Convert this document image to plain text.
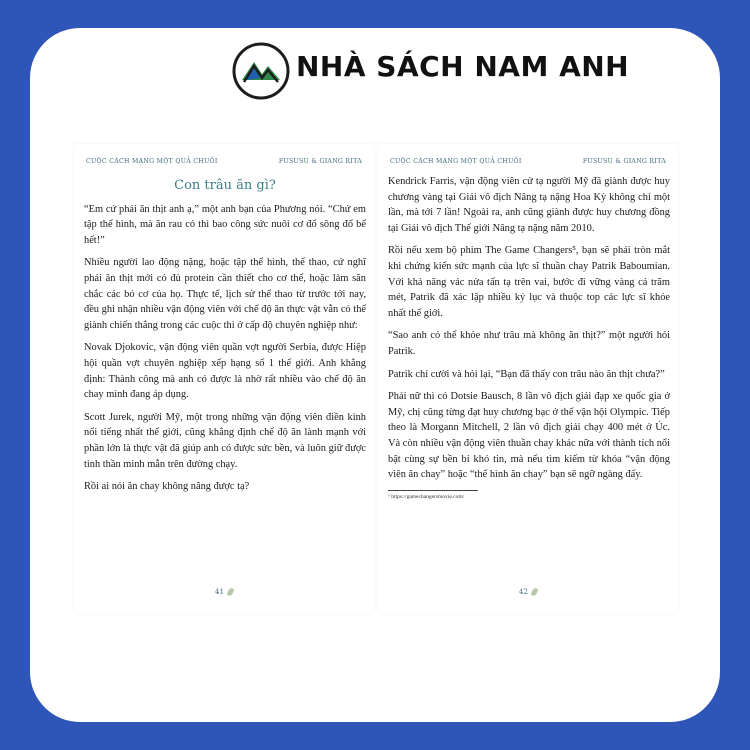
NHÀ SÁCH NAM ANH
CUỘC CÁCH MẠNG MỘT QUẢ CHUỐI	FUSUSU & GIANG RITA
Con trâu ăn gì?

“Em cứ phải ăn thịt anh ạ,” một anh bạn của Phương nói. “Chứ em tập thể hình, mà ăn rau cỏ thì bao công sức nuôi cơ đổ sông đổ bể hết!”

Nhiều người lao động nặng, hoặc tập thể hình, thể thao, cứ nghĩ phải ăn thịt mới có đủ protein cần thiết cho cơ thể, hoặc làm săn chắc các bó cơ của họ. Thực tế, lịch sử thể thao từ trước tới nay, đều ghi nhận nhiều vận động viên với chế độ ăn thực vật vẫn có thể giành chiến thắng trong các cuộc thi ở cấp độ chuyên nghiệp như:

Novak Djokovic, vận động viên quần vợt người Serbia, được Hiệp hội quần vợt chuyên nghiệp xếp hạng số 1 thế giới. Anh khẳng định: Thành công mà anh có được là nhờ rất nhiều vào chế độ ăn chay mình đang áp dụng.

Scott Jurek, người Mỹ, một trong những vận động viên điền kinh nổi tiếng nhất thế giới, cũng khẳng định chế độ ăn lành mạnh với phần lớn là thực vật đã giúp anh có được sức bền, và luôn giữ được tinh thần minh mẫn trên đường chạy.

Rồi ai nói ăn chay không nâng được tạ?

41
CUỘC CÁCH MẠNG MỘT QUẢ CHUỐI	FUSUSU & GIANG RITA

Kendrick Farris, vận động viên cử tạ người Mỹ đã giành được huy chương vàng tại Giải vô địch Nâng tạ nặng Hoa Kỳ không chỉ một lần, mà tới 7 lần! Ngoài ra, anh cũng giành được huy chương đồng tại Giải vô địch Thế giới Nâng tạ nặng năm 2010.

Rồi nếu xem bộ phim The Game Changers⁵, bạn sẽ phải tròn mắt khi chứng kiến sức mạnh của lực sĩ thuần chay Patrik Baboumian. Với khả năng vác nửa tấn tạ trên vai, bước đi vững vàng cả trăm mét, Patrik đã xác lập nhiều kỷ lục và thuộc top các lực sĩ khỏe nhất thế giới.

“Sao anh có thể khỏe như trâu mà không ăn thịt?” một người hỏi Patrik.

Patrik chỉ cười và hỏi lại, “Bạn đã thấy con trâu nào ăn thịt chưa?”

Phải nữ thì có Dotsie Bausch, 8 lần vô địch giải đạp xe quốc gia ở Mỹ, chị cũng từng đạt huy chương bạc ở thế vận hội Olympic. Tiếp theo là Morgann Mitchell, 2 lần vô địch giải chạy 400 mét ở Úc. Và còn nhiều vận động viên thuần chay khác nữa với thành tích nổi bật cùng sự bền bỉ khó tin, mà nếu tìm kiếm từ khóa “vận động viên ăn chay” hoặc “thể hình ăn chay” bạn sẽ ngỡ ngàng đấy.

⁵ https://gamechangersmovie.com/
42
